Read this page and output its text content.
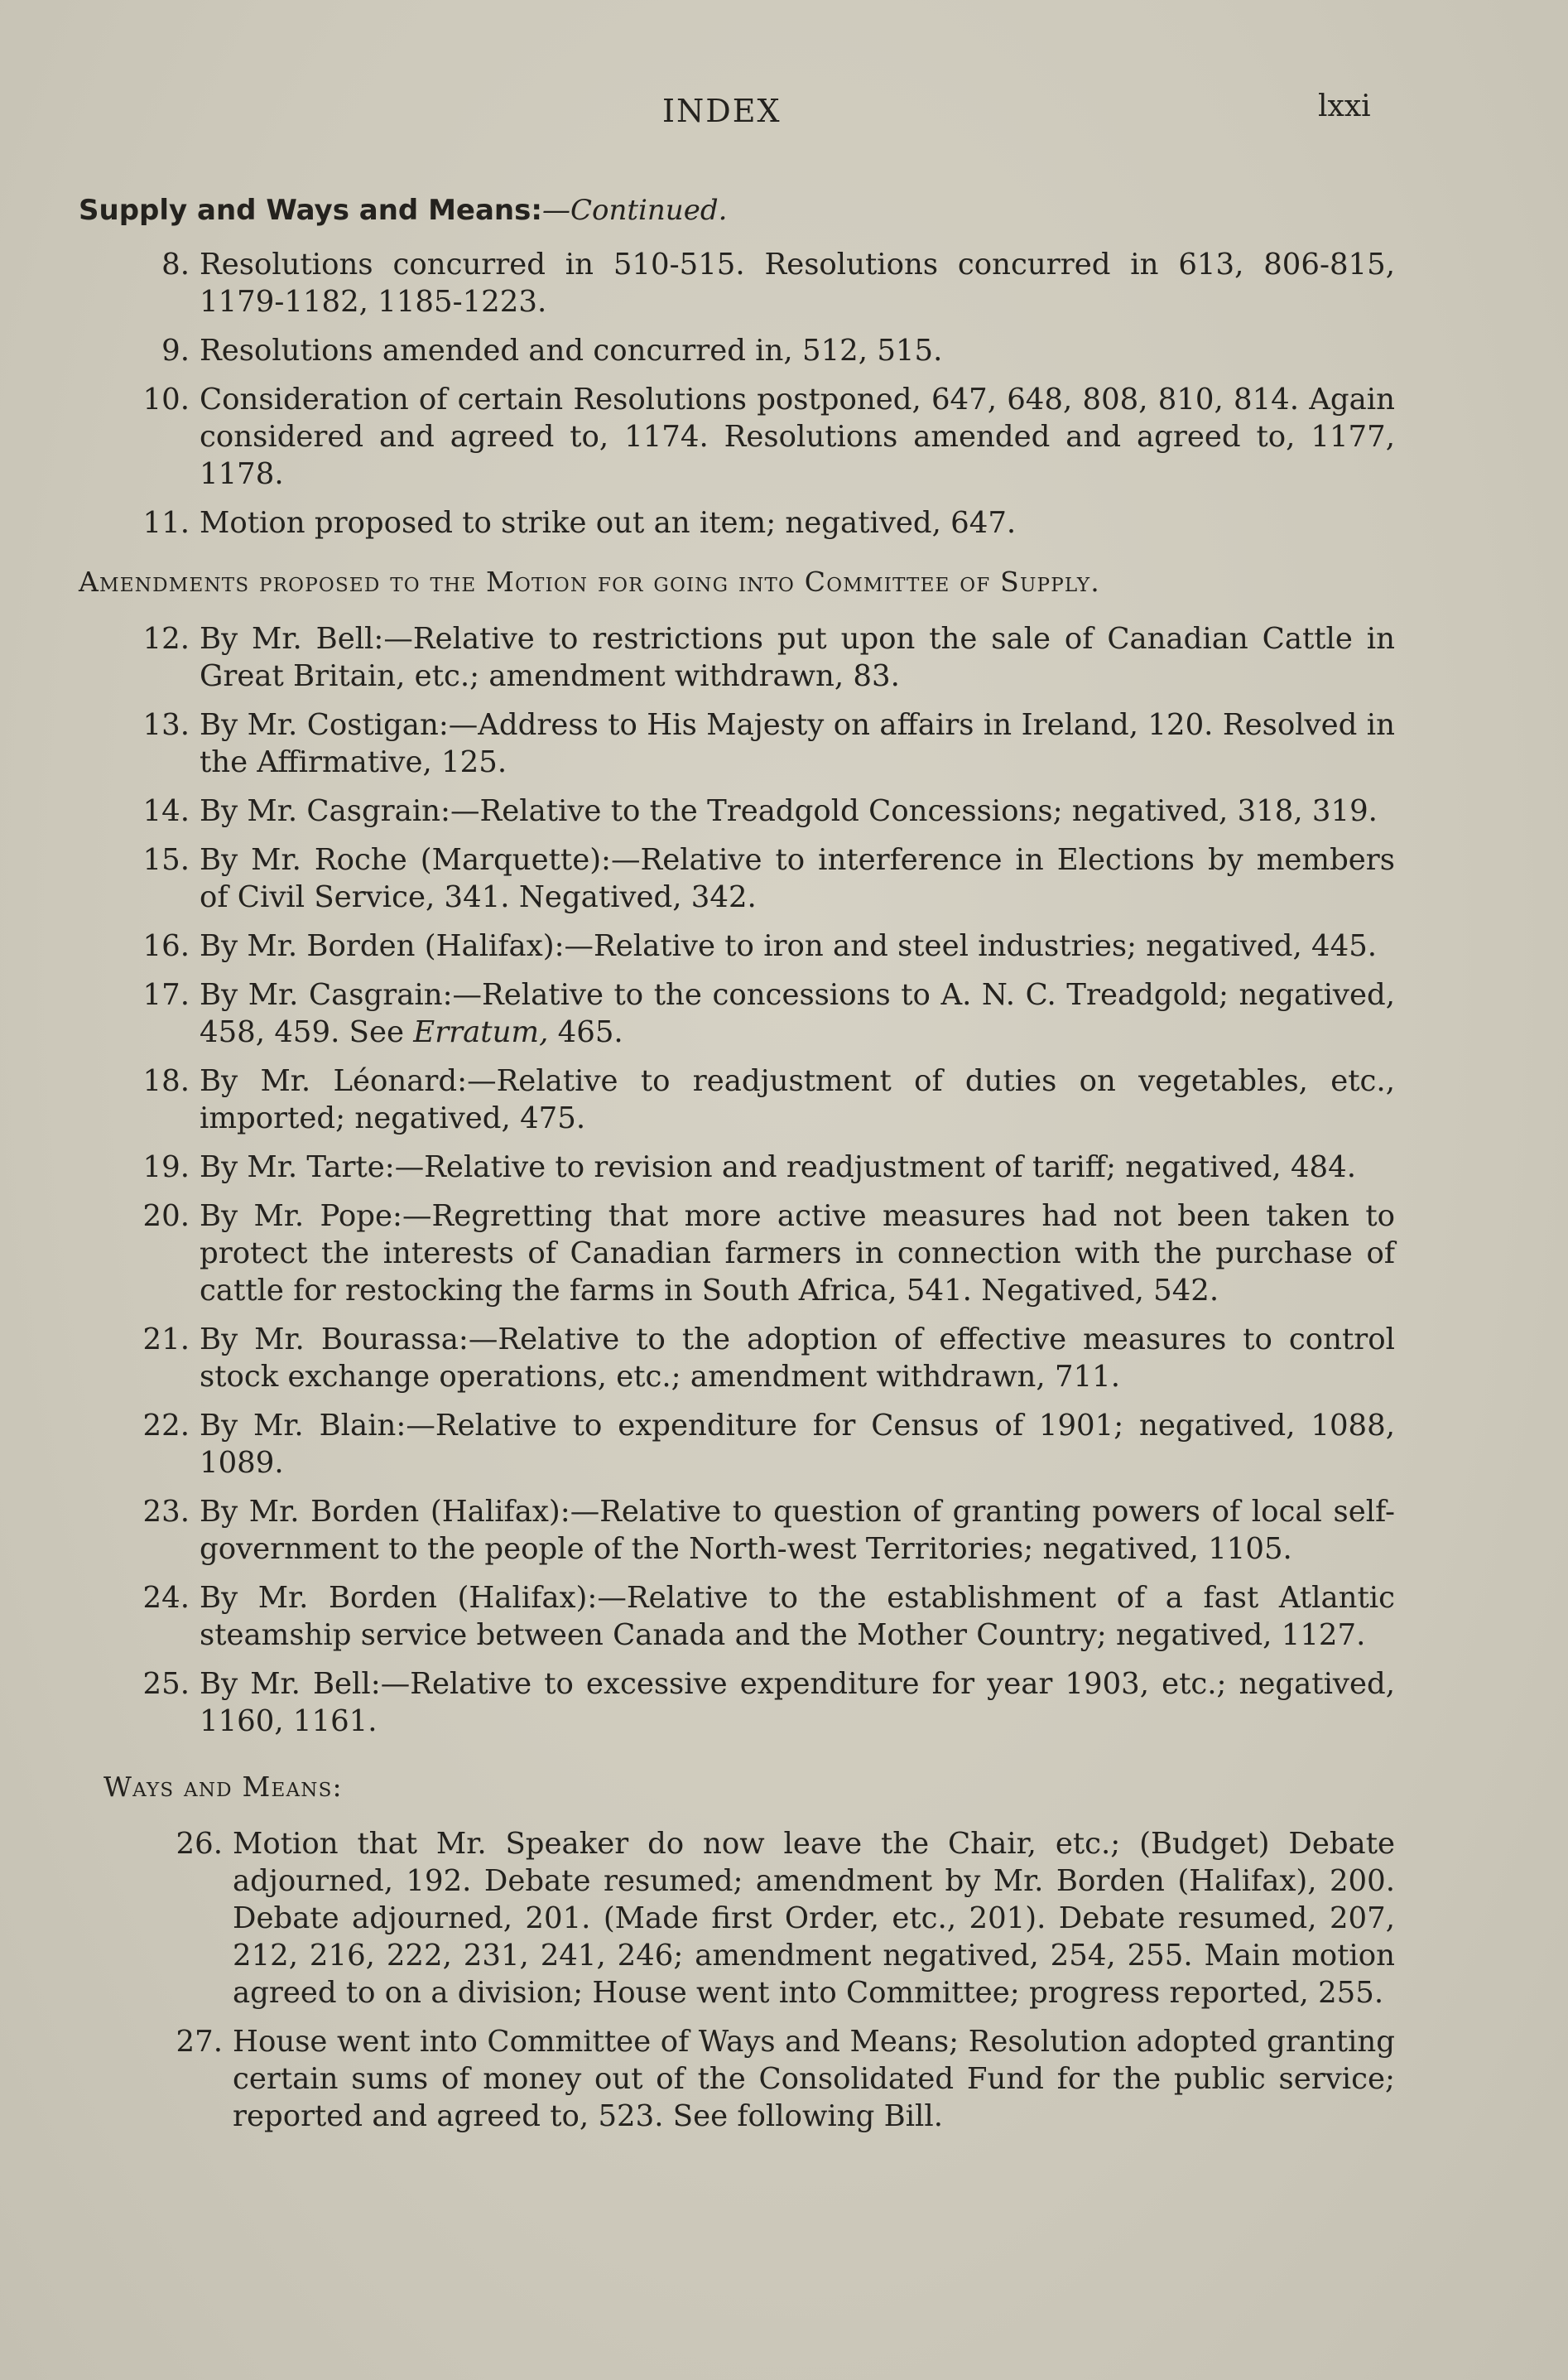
INDEX	lxxi
Supply and Ways and Means:—Continued.
8. Resolutions concurred in 510-515. Resolutions concurred in 613, 806-815, 1179-1182, 1185-1223.
9. Resolutions amended and concurred in, 512, 515.
10. Consideration of certain Resolutions postponed, 647, 648, 808, 810, 814. Again considered and agreed to, 1174. Resolutions amended and agreed to, 1177, 1178.
11. Motion proposed to strike out an item; negatived, 647.
Amendments proposed to the Motion for going into Committee of Supply.
12. By Mr. Bell:—Relative to restrictions put upon the sale of Canadian Cattle in Great Britain, etc.; amendment withdrawn, 83.
13. By Mr. Costigan:—Address to His Majesty on affairs in Ireland, 120. Resolved in the Affirmative, 125.
14. By Mr. Casgrain:—Relative to the Treadgold Concessions; negatived, 318, 319.
15. By Mr. Roche (Marquette):—Relative to interference in Elections by members of Civil Service, 341. Negatived, 342.
16. By Mr. Borden (Halifax):—Relative to iron and steel industries; negatived, 445.
17. By Mr. Casgrain:—Relative to the concessions to A. N. C. Treadgold; negatived, 458, 459. See Erratum, 465.
18. By Mr. Léonard:—Relative to readjustment of duties on vegetables, etc., imported; negatived, 475.
19. By Mr. Tarte:—Relative to revision and readjustment of tariff; negatived, 484.
20. By Mr. Pope:—Regretting that more active measures had not been taken to protect the interests of Canadian farmers in connection with the purchase of cattle for restocking the farms in South Africa, 541. Negatived, 542.
21. By Mr. Bourassa:—Relative to the adoption of effective measures to control stock exchange operations, etc.; amendment withdrawn, 711.
22. By Mr. Blain:—Relative to expenditure for Census of 1901; negatived, 1088, 1089.
23. By Mr. Borden (Halifax):—Relative to question of granting powers of local self-government to the people of the North-west Territories; negatived, 1105.
24. By Mr. Borden (Halifax):—Relative to the establishment of a fast Atlantic steamship service between Canada and the Mother Country; negatived, 1127.
25. By Mr. Bell:—Relative to excessive expenditure for year 1903, etc.; negatived, 1160, 1161.
Ways and Means:
26. Motion that Mr. Speaker do now leave the Chair, etc.; (Budget) Debate adjourned, 192. Debate resumed; amendment by Mr. Borden (Halifax), 200. Debate adjourned, 201. (Made first Order, etc., 201). Debate resumed, 207, 212, 216, 222, 231, 241, 246; amendment negatived, 254, 255. Main motion agreed to on a division; House went into Committee; progress reported, 255.
27. House went into Committee of Ways and Means; Resolution adopted granting certain sums of money out of the Consolidated Fund for the public service; reported and agreed to, 523. See following Bill.
